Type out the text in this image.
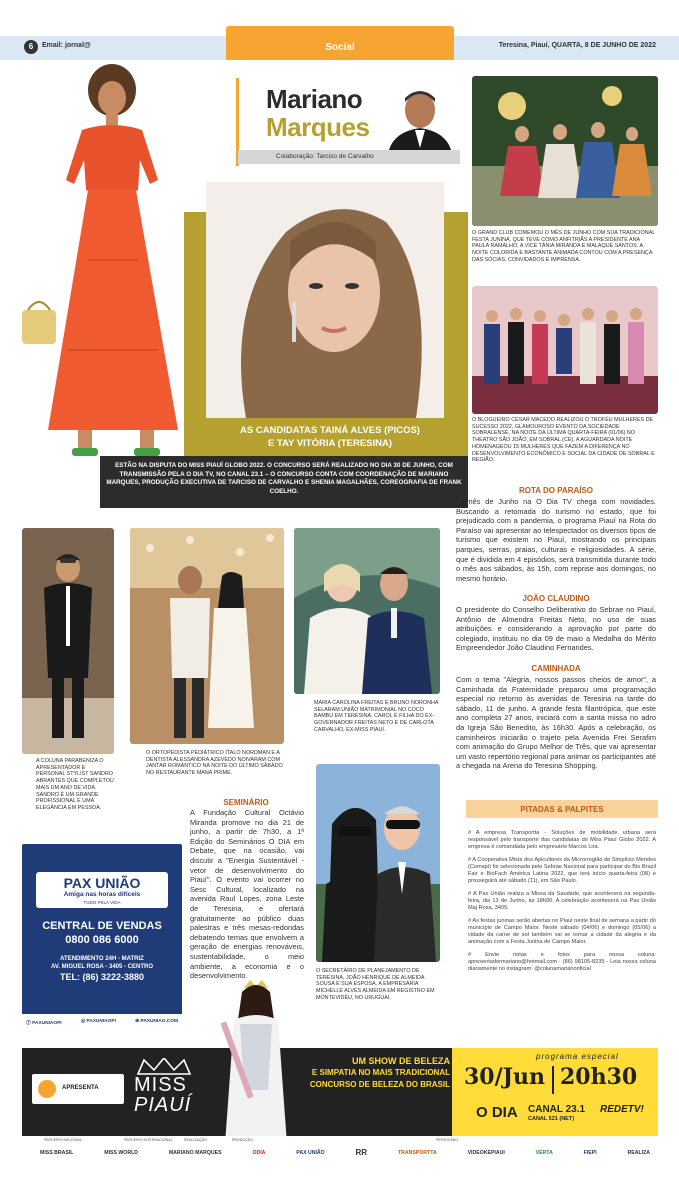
6	Email: jornal@	Social	Teresina, Piauí, QUARTA, 8 DE JUNHO DE 2022
Mariano
Marques
Colaboração: Tarciso de Carvalho
AS CANDIDATAS TAINÁ ALVES (PICOS)
E TAY VITÓRIA (TERESINA)
ESTÃO NA DISPUTA DO MISS PIAUÍ GLOBO 2022. O CONCURSO SERÁ REALIZADO NO DIA 30 DE JUNHO, COM TRANSMISSÃO PELA O DIA TV, NO CANAL 23.1 – O CONCURSO CONTA COM COORDENAÇÃO DE MARIANO MARQUES, PRODUÇÃO EXECUTIVA DE TARCISO DE CARVALHO E SHENIA MAGALHÃES, COREOGRAFIA DE FRANK COELHO.
O GRAND CLUB COMEMOU O MÊS DE JUNHO COM SUA TRADICIONAL FESTA JUNINA, QUE TEVE COMO ANFITRIÃS A PRESIDENTE ANA PAULA RAMALHO, A VICE TÂNIA MIRANDA E MALAQUE SANTOS. A NOITE COLORIDA E BASTANTE ANIMADA CONTOU COM A PRESENÇA DAS SÓCIAS, CONVIDADOS E IMPRENSA.
O BLOGUEIRO CÉSAR MACEDO REALIZOU O TROFÉU MULHERES DE SUCESSO 2022, GLAMOUROSO EVENTO DA SOCIEDADE SOBRALENSE, NA NOITE DA ÚLTIMA QUARTA-FEIRA (01/06) NO THEATRO SÃO JOÃO, EM SOBRAL (CE). A AGUARDADA NOITE HOMENAGEOU 15 MULHERES QUE FAZEM A DIFERENÇA NO DESENVOLVIMENTO ECONÔMICO E SOCIAL DA CIDADE DE SOBRAL E REGIÃO.
A COLUNA PARABENIZA O APRESENTADOR E PERSONAL STYLIST SANDRO ABRANTES QUE COMPLETOU MAIS UM ANO DE VIDA. SANDRO É UM GRANDE PROFISSIONAL E UMA ELEGÂNCIA EM PESSOA.
O ORTOPEDISTA PEDIÁTRICO ÍTALO NORDMAN E A DENTISTA ALESSANDRA AZEVEDO NOIVARAM COM JANTAR ROMÂNTICO NA NOITE DO ÚLTIMO SÁBADO NO RESTAURANTE MANA PRIME.
MARIA CAROLINA FREITAS E BRUNO NORONHA SELARAM UNIÃO MATRIMONIAL NO COCO BAMBU EM TERESINA. CAROL É FILHA DO EX-GOVERNADOR FREITAS NETO E DE CARLOTA CARVALHO, EX-MISS PIAUÍ.
ROTA DO PARAÍSO
O mês de Junho na O Dia TV chega com novidades. Buscando a retomada do turismo no estado, que foi prejudicado com a pandemia, o programa Piauí na Rota do Paraíso vai apresentar ao telespectador os diversos tipos de turismo que existem no Piauí, mostrando os principais parques, serras, praias, culturas e religiosidades. A série, que é dividida em 4 episódios, será transmitida durante todo o mês aos sábados, às 15h, com reprise aos domingos, no mesmo horário.
JOÃO CLAUDINO
O presidente do Conselho Deliberativo do Sebrae no Piauí, Antônio de Almendra Freitas Neto, no uso de suas atribuições e considerando a aprovação por parte do colegiado, instituiu no dia 09 de maio a Medalha do Mérito Empreendedor João Claudino Fernandes.
CAMINHADA
Com o tema "Alegria, nossos passos cheios de amor", a Caminhada da Fraternidade preparou uma programação especial no retorno às avenidas de Teresina na tarde do sábado, 11 de junho. A grande festa filantrópica, que este ano completa 27 anos, iniciará com a santa missa no adro da Igreja São Benedito, às 16h30. Após a celebração, os caminheiros iniciarão o trajeto pela Avenida Frei Serafim com animação do Grupo Melhor de Três, que vai apresentar um vasto repertório regional para animar os participantes até a chegada na Arena do Teresina Shopping.
SEMINÁRIO
A Fundação Cultural Octávio Miranda promove no dia 21 de junho, a partir de 7h30, a 1ª Edição do Seminários O DIA em Debate, que na ocasião, vai discutir a "Energia Sustentável - vetor de desenvolvimento do Piauí". O evento vai ocorrer no Sesc Cultural, localizado na avenida Raul Lopes, zona Leste de Teresina, e ofertará gratuitamente ao público duas palestras e três mesas-redondas debatendo temas que envolvem a geração de energias renováveis, sustentabilidade, o meio ambiente, a economia e o desenvolvimento.
O SECRETÁRIO DE PLANEJAMENTO DE TERESINA, JOÃO HENRIQUE DE ALMEIDA SOUSA E SUA ESPOSA, A EMPRESÁRIA MICHELLE ALVES ALMEIDA EM REGISTRO EM MONTEVIDÉU, NO URUGUAI.
PITADAS & PALPITES

# A empresa Transportta - Soluções de mobilidade urbana será responsável pelo transporte das candidatas do Miss Piauí Globo 2022. A empresa é comandada pelo empresário Marcos Lira.

# A Cooperativa Mista dos Apicultores da Microrregião de Simplício Mendes (Comapi) foi selecionada pelo Sebrae Nacional para participar do Bio Brazil Fair e BioFach América Latina 2022, que terá início quarta-feira (08) e prosseguirá até sábado (11), em São Paulo.

# A Pax União realiza a Missa da Saudade, que acontecerá na segunda-feira, dia 13 de Junho, às 18h00. A celebração acontecerá na Pax União Maj Rosa, 3405.

# As festas juninas serão abertas no Piauí neste final de semana a partir do município de Campo Maior. Neste sábado (04/06) e domingo (05/06) a cidade da carne de sol também vai se tornar a cidade da alegria e da animação com a Festa Junina de Campo Maior.

# Envie notas e fotos para nossa coluna: apresentadormariano@hotmail.com · (86) 98105-8235 - Leia nossa coluna diariamente no instagram: @colunamarianooficial

PAX UNIÃO
Amiga nas horas difíceis
TUDO PELA VIDA
CENTRAL DE VENDAS
0800 086 6000
ATENDIMENTO 24H - MATRIZ
AV. MIGUEL ROSA - 3405 - CENTRO
TEL: (86) 3222-3880
ⓕ PAXUNIAOPI	◎ PAXUNIAOPI	⊕ PAXUNIAO.COM
APRESENTA MISS
PIAUÍ
UM SHOW DE BELEZA
E SIMPATIA NO MAIS TRADICIONAL
CONCURSO DE BELEZA DO BRASIL
programa especial
30/Jun 20h30
O DIA CANAL 23.1
CANAL 521 (NET)
REDETV!
PARCEIRO NACIONAL	PARCEIRO INTERNACIONAL	REALIZAÇÃO	PRODUÇÃO	PATROCÍNIO
MISS BRASIL	MISS WORLD	MARIANO MARQUES	ODIA	PAX UNIÃO	RR	TRANSPORTTA	VIDEOKEPIAUI	VERTA	FIEPI	REALIZA
